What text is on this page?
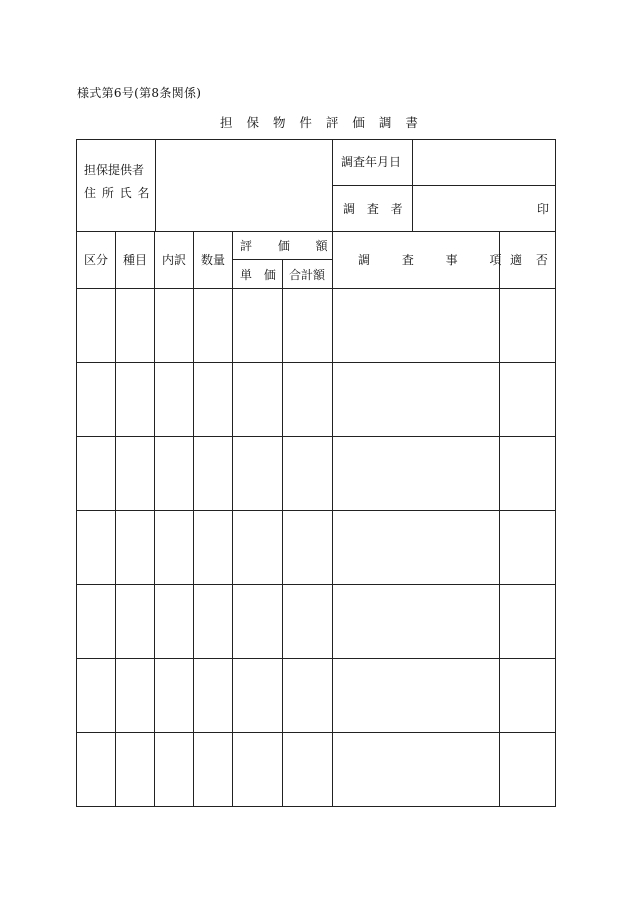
様式第6号(第8条関係)
担 保 物 件 評 価 調 書
担保提供者
住 所 氏 名
調査年月日
調 査 者	印
区分 種目 内訳 数量
評 価 額
単 価 合計額
調 査 事 項 適 否
